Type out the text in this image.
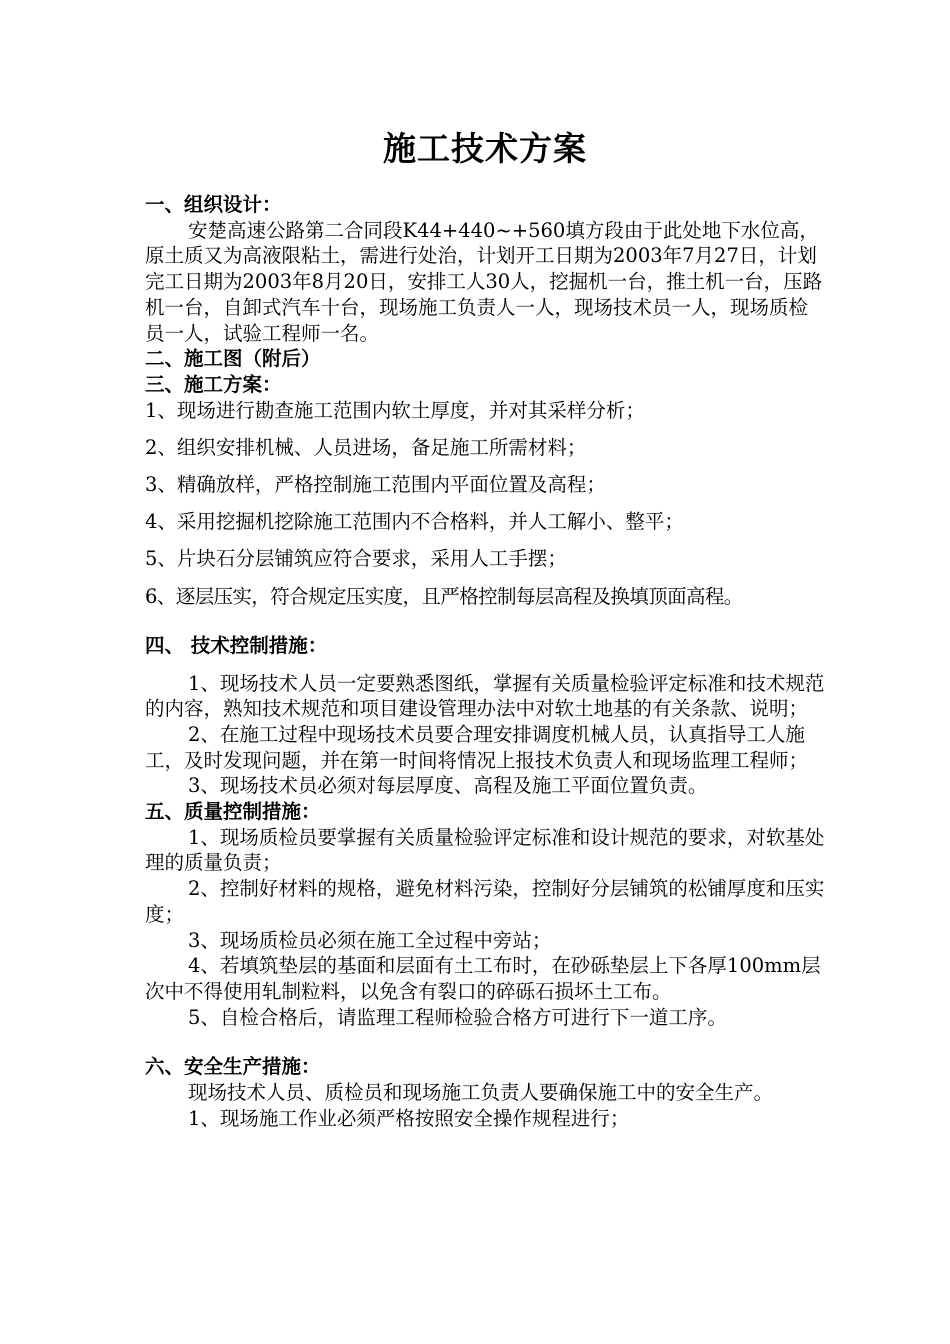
施工技术方案
一、组织设计：
安楚高速公路第二合同段K44+440~+560填方段由于此处地下水位高，原土质又为高液限粘土，需进行处治，计划开工日期为2003年7月27日，计划完工日期为2003年8月20日，安排工人30人，挖掘机一台，推土机一台，压路机一台，自卸式汽车十台，现场施工负责人一人，现场技术员一人，现场质检员一人，试验工程师一名。
二、施工图（附后）
三、施工方案：
1、现场进行勘查施工范围内软土厚度，并对其采样分析；
2、组织安排机械、人员进场，备足施工所需材料；
3、精确放样，严格控制施工范围内平面位置及高程；
4、采用挖掘机挖除施工范围内不合格料，并人工解小、整平；
5、片块石分层铺筑应符合要求，采用人工手摆；
6、逐层压实，符合规定压实度，且严格控制每层高程及换填顶面高程。
四、 技术控制措施：
1、现场技术人员一定要熟悉图纸，掌握有关质量检验评定标准和技术规范的内容，熟知技术规范和项目建设管理办法中对软土地基的有关条款、说明；
2、在施工过程中现场技术员要合理安排调度机械人员，认真指导工人施工，及时发现问题，并在第一时间将情况上报技术负责人和现场监理工程师；
3、现场技术员必须对每层厚度、高程及施工平面位置负责。
五、质量控制措施：
1、现场质检员要掌握有关质量检验评定标准和设计规范的要求，对软基处理的质量负责；
2、控制好材料的规格，避免材料污染，控制好分层铺筑的松铺厚度和压实度；
3、现场质检员必须在施工全过程中旁站；
4、若填筑垫层的基面和层面有土工布时，在砂砾垫层上下各厚100mm层次中不得使用轧制粒料，以免含有裂口的碎砾石损坏土工布。
5、自检合格后，请监理工程师检验合格方可进行下一道工序。
六、安全生产措施：
现场技术人员、质检员和现场施工负责人要确保施工中的安全生产。
1、现场施工作业必须严格按照安全操作规程进行；
